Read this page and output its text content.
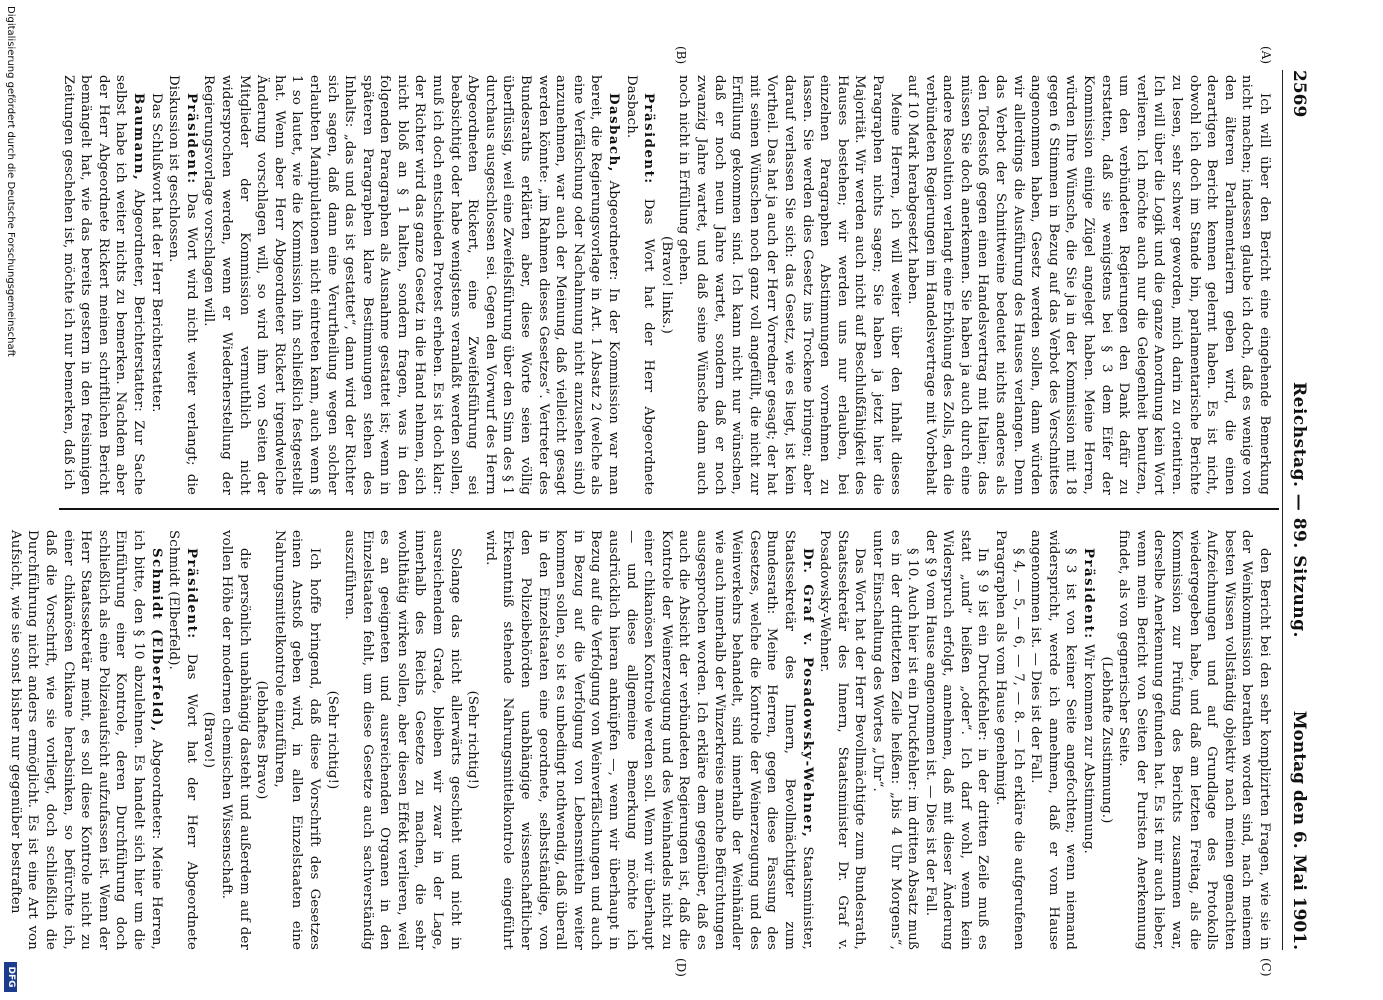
2569
Reichstag. — 89. Sitzung.
Montag den 6. Mai 1901.
(A)
(B)
(C)
(D)

Ich will über den Bericht eine eingehende Bemerkung nicht machen; indessen glaube ich doch, daß es wenige von den älteren Parlamentariern geben wird, die einen derartigen Bericht kennen gelernt haben. Es ist nicht, obwohl ich doch im Stande bin, parlamentarische Berichte zu lesen, sehr schwer geworden, mich darin zu orientiren. Ich will über die Logik und die ganze Anordnung kein Wort verlieren. Ich möchte auch nur die Gelegenheit benutzen, um den verbündeten Regierungen den Dank dafür zu erstatten, daß sie wenigstens bei § 3 dem Eifer der Kommission einige Zügel angelegt haben. Meine Herren, würden Ihre Wünsche, die Sie ja in der Kommission mit 18 gegen 6 Stimmen in Bezug auf das Verbot des Verschnittes angenommen haben, Gesetz werden sollen, dann würden wir allerdings die Ausführung des Hauses verlangen. Denn das Verbot der Schnittweine bedeutet nichts anderes als den Todesstoß gegen einen Handelsvertrag mit Italien; das müssen Sie doch anerkennen. Sie haben ja auch durch eine andere Resolution verlangt eine Erhöhung des Zolls, den die verbündeten Regierungen im Handelsvertrage mit Vorbehalt auf 10 Mark herabgesetzt haben.

Meine Herren, ich will weiter über den Inhalt dieses Paragraphen nichts sagen; Sie haben ja jetzt hier die Majorität. Wir werden auch nicht auf Beschlußfähigkeit des Hauses bestehen; wir werden uns nur erlauben, bei einzelnen Paragraphen Abstimmungen vornehmen zu lassen. Sie werden dies Gesetz ins Trockene bringen; aber darauf verlassen Sie sich: das Gesetz, wie es liegt, ist kein Vortheil. Das hat ja auch der Herr Vorredner gesagt; der hat mit seinen Wünschen noch ganz voll angefüllt, die nicht zur Erfüllung gekommen sind. Ich kann nicht nur wünschen, daß er noch neun Jahre wartet, sondern daß er noch zwanzig Jahre wartet, und daß seine Wünsche dann auch noch nicht in Erfüllung gehen.

(Bravo! links.)

Präsident: Das Wort hat der Herr Abgeordnete Dasbach.

Dasbach, Abgeordneter: In der Kommission war man bereit, die Regierungsvorlage in Art. 1 Absatz 2 (welche als eine Verfälschung oder Nachahmung nicht anzusehen sind) anzunehmen, war auch der Meinung, daß vielleicht gesagt werden könnte: „im Rahmen dieses Gesetzes“. Vertreter des Bundesraths erklärten aber, diese Worte seien völlig überflüssig, weil eine Zweifelsführung über den Sinn des § 1 durchaus ausgeschlossen sei. Gegen den Vorwurf des Herrn Abgeordneten Rickert, eine Zweifelsführung sei beabsichtigt oder habe wenigstens veranlaßt werden sollen, muß ich doch entschieden Protest erheben. Es ist doch klar: der Richter wird das ganze Gesetz in die Hand nehmen, sich nicht bloß an § 1 halten, sondern fragen, was in den folgenden Paragraphen als Ausnahme gestattet ist; wenn in späteren Paragraphen klare Bestimmungen stehen des Inhalts: „das und das ist gestattet“, dann wird der Richter sich sagen, daß dann eine Verurtheilung wegen solcher erlaubten Manipulationen nicht eintreten kann, auch wenn § 1 so lautet, wie die Kommission ihn schließlich festgestellt hat. Wenn aber Herr Abgeordneter Rickert irgendwelche Änderung vorschlagen will, so wird ihm von Seiten der Mitglieder der Kommission vermuthlich nicht widersprochen werden, wenn er Wiederherstellung der Regierungsvorlage vorschlagen will.

Präsident: Das Wort wird nicht weiter verlangt; die Diskussion ist geschlossen.

Das Schlußwort hat der Herr Berichterstatter.

Baumann, Abgeordneter, Berichterstatter: Zur Sache selbst habe ich weiter nichts zu bemerken. Nachdem aber der Herr Abgeordnete Rickert meinen schriftlichen Bericht bemängelt hat, wie das bereits gestern in den freisinnigen Zeitungen geschehen ist, möchte ich nur bemerken, daß ich

den Bericht bei den sehr komplizirten Fragen, wie sie in der Weinkommission berathen worden sind, nach meinem besten Wissen vollständig objektiv nach meinen gemachten Aufzeichnungen und auf Grundlage des Protokolls wiedergegeben habe, und daß am letzten Freitag, als die Kommission zur Prüfung des Berichts zusammen war, derselbe Anerkennung gefunden hat. Es ist mir auch lieber, wenn mein Bericht von Seiten der Puristen Anerkennung findet, als von gegnerischer Seite.

(Lebhafte Zustimmung.)

Präsident: Wir kommen zur Abstimmung.

§ 3 ist von keiner Seite angefochten; wenn niemand widerspricht, werde ich annehmen, daß er vom Hause angenommen ist. — Dies ist der Fall.

§ 4, — 5, — 6, — 7, — 8. — Ich erkläre die aufgerufenen Paragraphen als vom Hause genehmigt.

In § 9 ist ein Druckfehler: in der dritten Zeile muß es statt „und“ heißen „oder“. Ich darf wohl, wenn kein Widerspruch erfolgt, annehmen, daß mit dieser Änderung der § 9 vom Hause angenommen ist. — Dies ist der Fall.

§ 10. Auch hier ist ein Druckfehler: im dritten Absatz muß es in der drittletzten Zeile heißen: „bis 4 Uhr Morgens“, unter Einschaltung des Wortes „Uhr“.

Das Wort hat der Herr Bevollmächtigte zum Bundesrath, Staatssekretär des Innern, Staatsminister Dr. Graf v. Posadowsky-Wehner.

Dr. Graf v. Posadowsky-Wehner, Staatsminister, Staatssekretär des Innern, Bevollmächtigter zum Bundesrath: Meine Herren, gegen diese Fassung des Gesetzes, welche die Kontrole der Weinerzeugung und des Weinverkehrs behandelt, sind innerhalb der Weinhändler wie auch innerhalb der Winzerkreise manche Befürchtungen ausgesprochen worden. Ich erkläre dem gegenüber, daß es auch die Absicht der verbündeten Regierungen ist, daß die Kontrole der Weinerzeugung und des Weinhandels nicht zu einer chikanösen Kontrole werden soll. Wenn wir überhaupt — und diese allgemeine Bemerkung möchte ich ausdrücklich hieran anknüpfen —, wenn wir überhaupt in Bezug auf die Verfolgung von Weinverfälschungen und auch in Bezug auf die Verfolgung von Lebensmitteln weiter kommen sollen, so ist es unbedingt nothwendig, daß überall in den Einzelstaaten eine geordnete, selbstständige, von den Polizeibehörden unabhängige wissenschaftlicher Erkenntniß stehende Nahrungsmittelkontrole eingeführt wird.

(Sehr richtig!)

Solange das nicht allerwärts geschieht und nicht in ausreichendem Grade, bleiben wir zwar in der Lage, innerhalb des Reichs Gesetze zu machen, die sehr wohlthätig wirken sollen, aber diesen Effekt verlieren, weil es an geeigneten und ausreichenden Organen in den Einzelstaaten fehlt, um diese Gesetze auch sachverständig auszuführen.

(Sehr richtig!)

Ich hoffe bringend, daß diese Vorschrift des Gesetzes einen Anstoß geben wird, in allen Einzelstaaten eine Nahrungsmittelkontrole einzuführen,

(lebhaftes Bravo)

die persönlich unabhängig dasteht und außerdem auf der vollen Höhe der modernen chemischen Wissenschaft.

(Bravo!)

Präsident: Das Wort hat der Herr Abgeordnete Schmidt (Elberfeld).

Schmidt (Elberfeld), Abgeordneter: Meine Herren, ich bitte, den § 10 abzulehnen. Es handelt sich hier um die Einführung einer Kontrole, deren Durchführung doch schließlich als eine Polizeiaufsicht aufzufassen ist. Wenn der Herr Staatssekretär meint, es soll diese Kontrole nicht zu einer chikanösen Chikane herabsinken, so befürchte ich, daß die Vorschrift, wie sie vorliegt, doch schließlich die Durchführung nicht anders ermöglicht. Es ist eine Art von Aufsicht, wie sie sonst bisher nur gegenüber bestraften

Digitalisierung gefördert durch die Deutsche Forschungsgemeinschaft
DFG
